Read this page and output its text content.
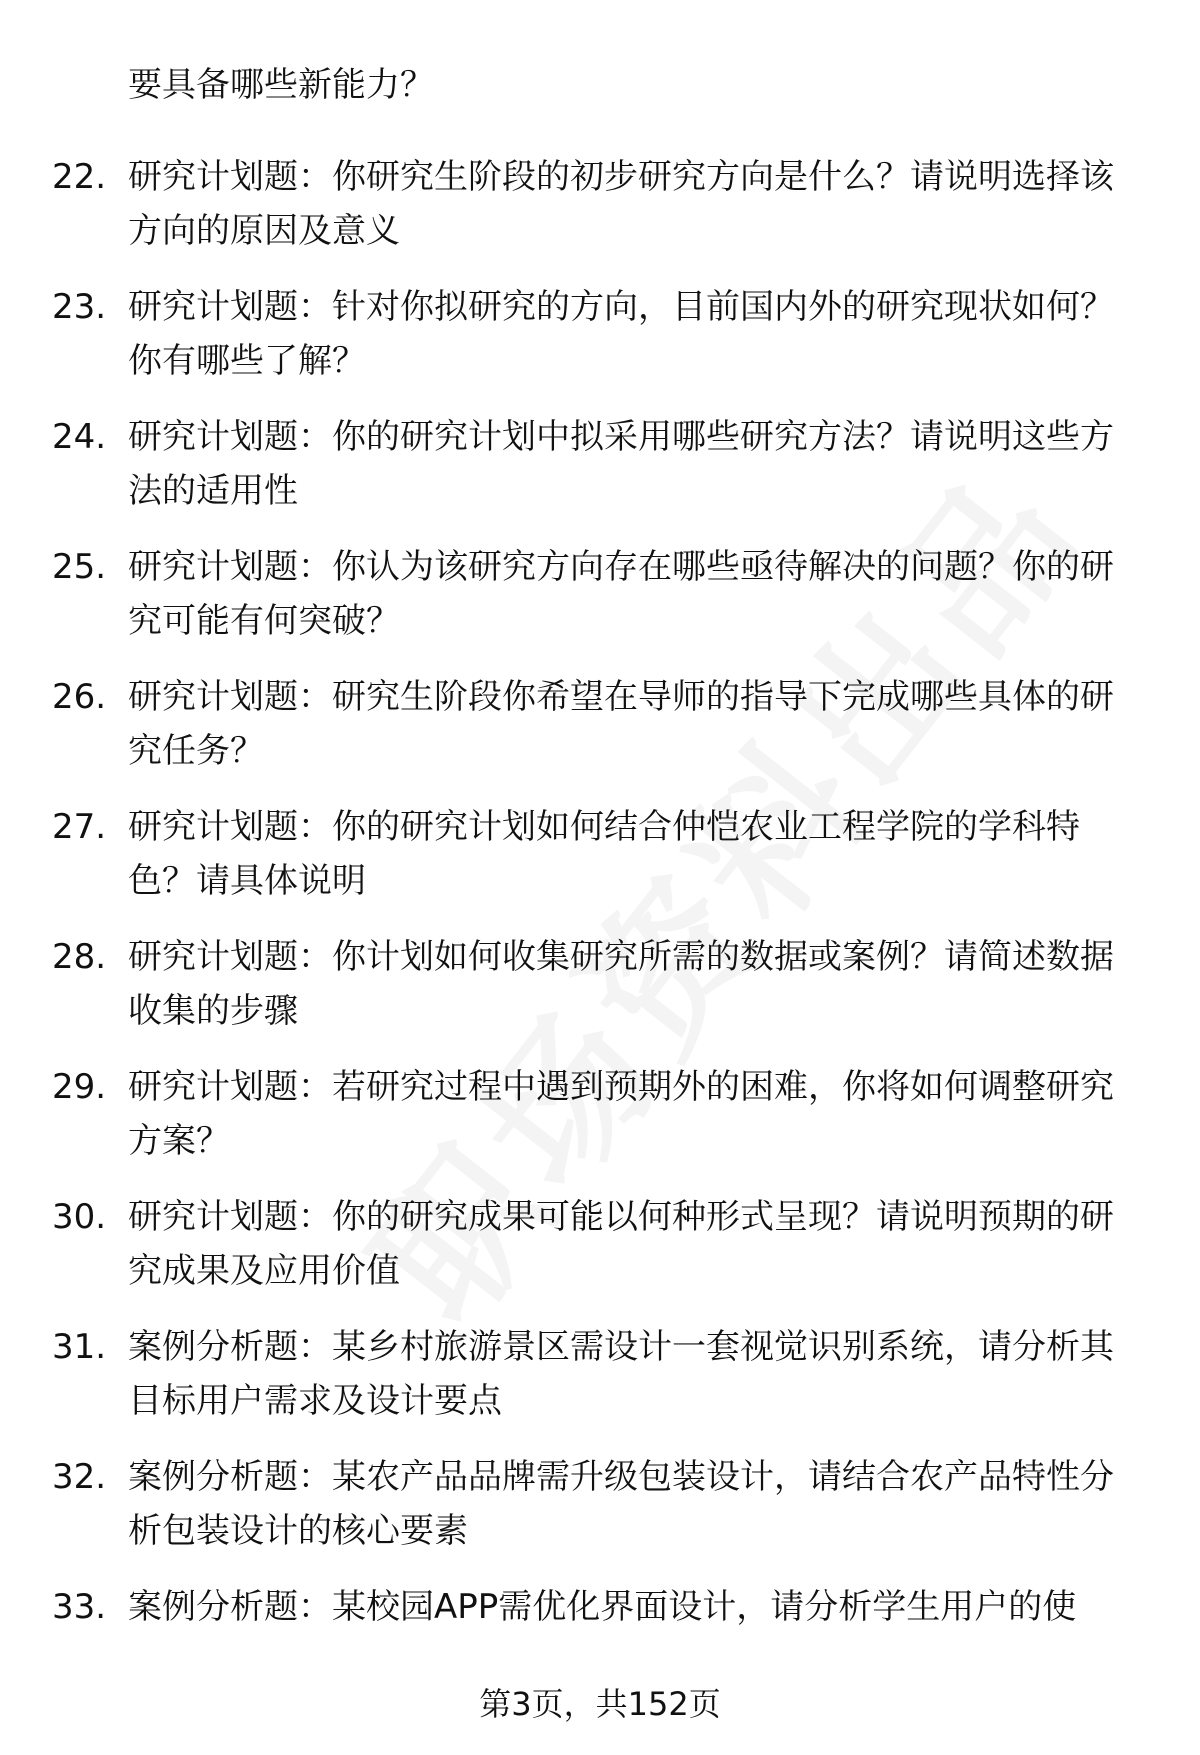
要具备哪些新能力？
22. 研究计划题：你研究生阶段的初步研究方向是什么？请说明选择该方向的原因及意义
23. 研究计划题：针对你拟研究的方向，目前国内外的研究现状如何？你有哪些了解？
24. 研究计划题：你的研究计划中拟采用哪些研究方法？请说明这些方法的适用性
25. 研究计划题：你认为该研究方向存在哪些亟待解决的问题？你的研究可能有何突破？
26. 研究计划题：研究生阶段你希望在导师的指导下完成哪些具体的研究任务？
27. 研究计划题：你的研究计划如何结合仲恺农业工程学院的学科特色？请具体说明
28. 研究计划题：你计划如何收集研究所需的数据或案例？请简述数据收集的步骤
29. 研究计划题：若研究过程中遇到预期外的困难，你将如何调整研究方案？
30. 研究计划题：你的研究成果可能以何种形式呈现？请说明预期的研究成果及应用价值
31. 案例分析题：某乡村旅游景区需设计一套视觉识别系统，请分析其目标用户需求及设计要点
32. 案例分析题：某农产品品牌需升级包装设计，请结合农产品特性分析包装设计的核心要素
33. 案例分析题：某校园APP需优化界面设计，请分析学生用户的使
第3页，共152页
